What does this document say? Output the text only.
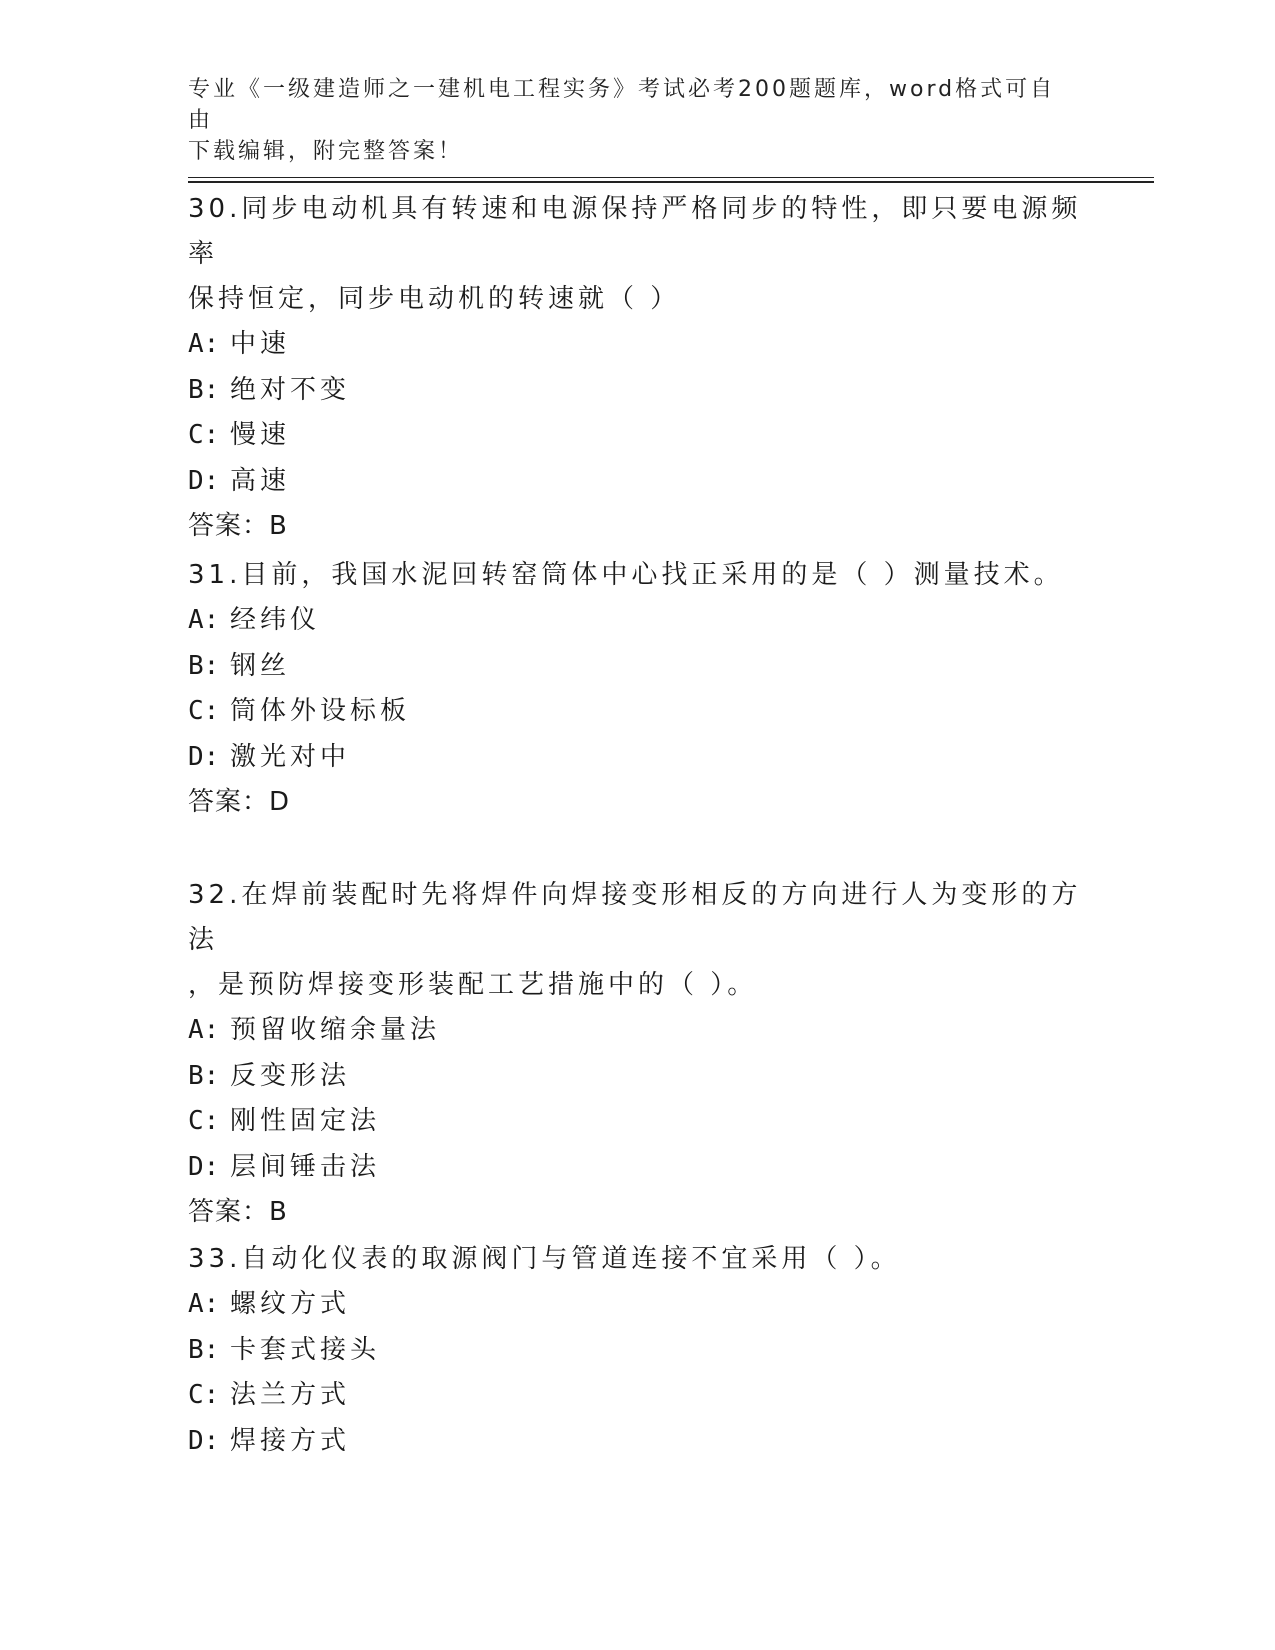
专业《一级建造师之一建机电工程实务》考试必考200题题库，word格式可自由
下载编辑，附完整答案！
30.同步电动机具有转速和电源保持严格同步的特性，即只要电源频率
保持恒定，同步电动机的转速就（ ）
A: 中速
B: 绝对不变
C: 慢速
D: 高速
答案：B
31.目前，我国水泥回转窑筒体中心找正采用的是（ ）测量技术。
A: 经纬仪
B: 钢丝
C: 筒体外设标板
D: 激光对中
答案：D
32.在焊前装配时先将焊件向焊接变形相反的方向进行人为变形的方法
，是预防焊接变形装配工艺措施中的（ ）。
A: 预留收缩余量法
B: 反变形法
C: 刚性固定法
D: 层间锤击法
答案：B
33.自动化仪表的取源阀门与管道连接不宜采用（ ）。
A: 螺纹方式
B: 卡套式接头
C: 法兰方式
D: 焊接方式
